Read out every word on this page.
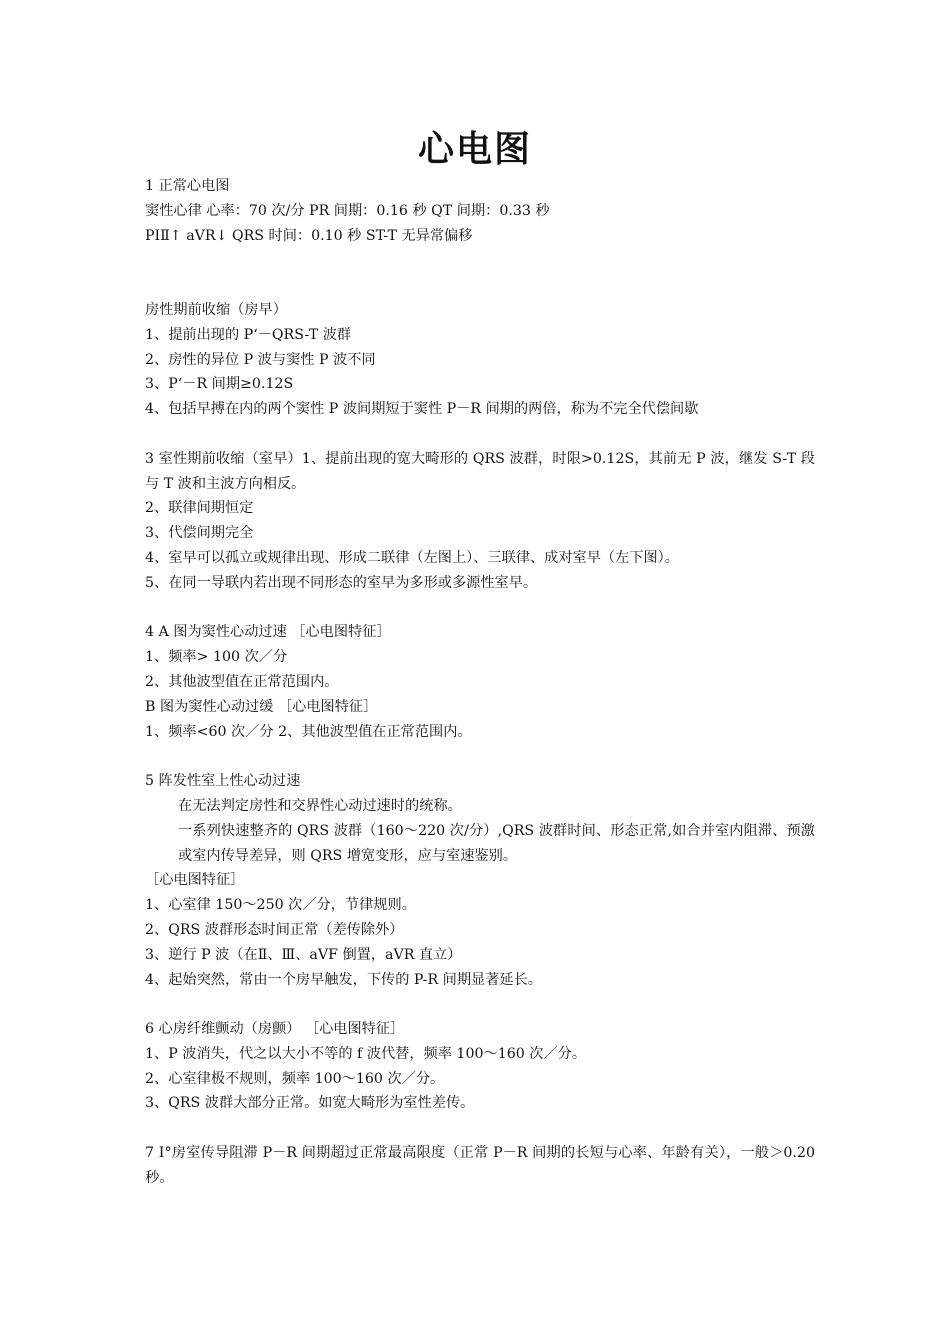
心电图
1 正常心电图
窦性心律 心率：70 次/分 PR 间期：0.16 秒 QT 间期：0.33 秒
PⅠⅡ↑ aVR↓ QRS 时间：0.10 秒 ST-T 无异常偏移
房性期前收缩（房早）
1、提前出现的 P‘－QRS-T 波群
2、房性的异位 P 波与窦性 P 波不同
3、P‘－R 间期≥0.12S
4、包括早搏在内的两个窦性 P 波间期短于窦性 P－R 间期的两倍，称为不完全代偿间歇
3 室性期前收缩（室早）1、提前出现的宽大畸形的 QRS 波群，时限>0.12S，其前无 P 波，继发 S-T 段与 T 波和主波方向相反。
2、联律间期恒定
3、代偿间期完全
4、室早可以孤立或规律出现、形成二联律（左图上）、三联律、成对室早（左下图）。
5、在同一导联内若出现不同形态的室早为多形或多源性室早。
4 A 图为窦性心动过速 ［心电图特征］
1、频率> 100 次／分
2、其他波型值在正常范围内。
B 图为窦性心动过缓 ［心电图特征］
1、频率<60 次／分 2、其他波型值在正常范围内。
5 阵发性室上性心动过速
在无法判定房性和交界性心动过速时的统称。
一系列快速整齐的 QRS 波群（160～220 次/分）,QRS 波群时间、形态正常,如合并室内阻滞、预激或室内传导差异，则 QRS 增宽变形，应与室速鉴别。
［心电图特征］
1、心室律 150～250 次／分，节律规则。
2、QRS 波群形态时间正常（差传除外）
3、逆行 P 波（在Ⅱ、Ⅲ、aVF 倒置，aVR 直立）
4、起始突然，常由一个房早触发，下传的 P-R 间期显著延长。
6 心房纤维颤动（房颤） ［心电图特征］
1、P 波消失，代之以大小不等的 f 波代替，频率 100～160 次／分。
2、心室律极不规则，频率 100～160 次／分。
3、QRS 波群大部分正常。如宽大畸形为室性差传。
7 Ⅰ°房室传导阻滞 P－R 间期超过正常最高限度（正常 P－R 间期的长短与心率、年龄有关），一般＞0.20 秒。
